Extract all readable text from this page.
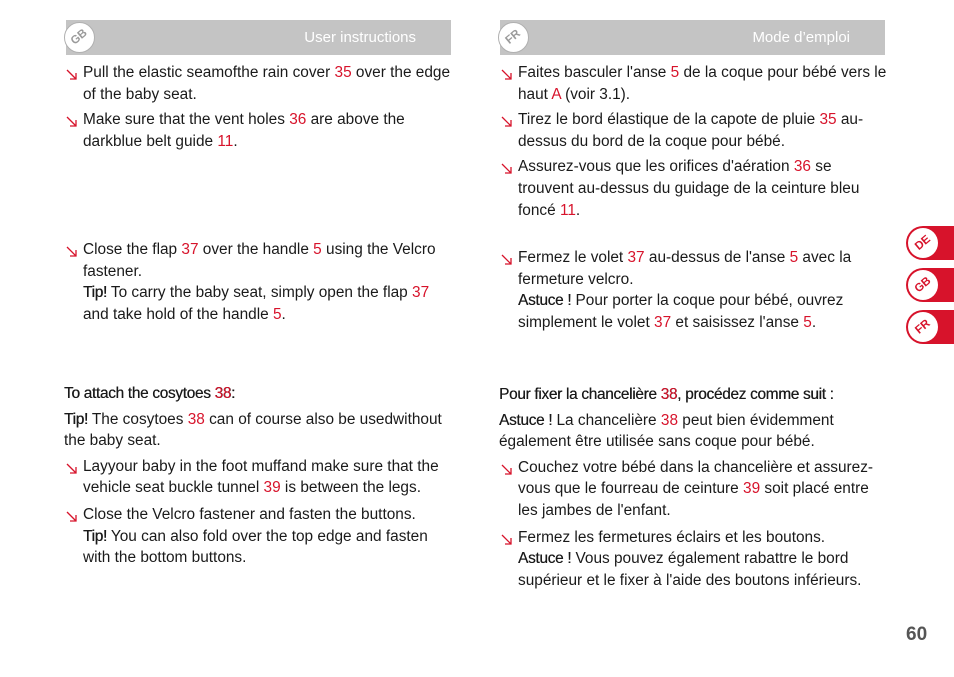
GB	User instructions
Pull the elastic seamofthe rain cover 35 over the edge of the baby seat.
Make sure that the vent holes 36 are above the darkblue belt guide 11.
Close the flap 37 over the handle 5 using the Velcro fastener.
Tip! To carry the baby seat, simply open the flap 37 and take hold of the handle 5.

To attach the cosytoes 38:

Tip! The cosytoes 38 can of course also be usedwithout the baby seat.

Layyour baby in the foot muffand make sure that the vehicle seat buckle tunnel 39 is between the legs.
Close the Velcro fastener and fasten the buttons.
Tip! You can also fold over the top edge and fasten with the bottom buttons.
FR	Mode d’emploi
Faites basculer l'anse 5 de la coque pour bébé vers le haut A (voir 3.1).
Tirez le bord élastique de la capote de pluie 35 au-dessus du bord de la coque pour bébé.
Assurez-vous que les orifices d'aération 36 se trouvent au-dessus du guidage de la ceinture bleu foncé 11.
Fermez le volet 37 au-dessus de l'anse 5 avec la fermeture velcro.
Astuce ! Pour porter la coque pour bébé, ouvrez simplement le volet 37 et saisissez l'anse 5.

Pour fixer la chancelière 38, procédez comme suit :

Astuce ! La chancelière 38 peut bien évidemment également être utilisée sans coque pour bébé.

Couchez votre bébé dans la chancelière et assurez-vous que le fourreau de ceinture 39 soit placé entre les jambes de l'enfant.
Fermez les fermetures éclairs et les boutons.
Astuce ! Vous pouvez également rabattre le bord supérieur et le fixer à l'aide des boutons inférieurs.
DE
GB
FR
60
